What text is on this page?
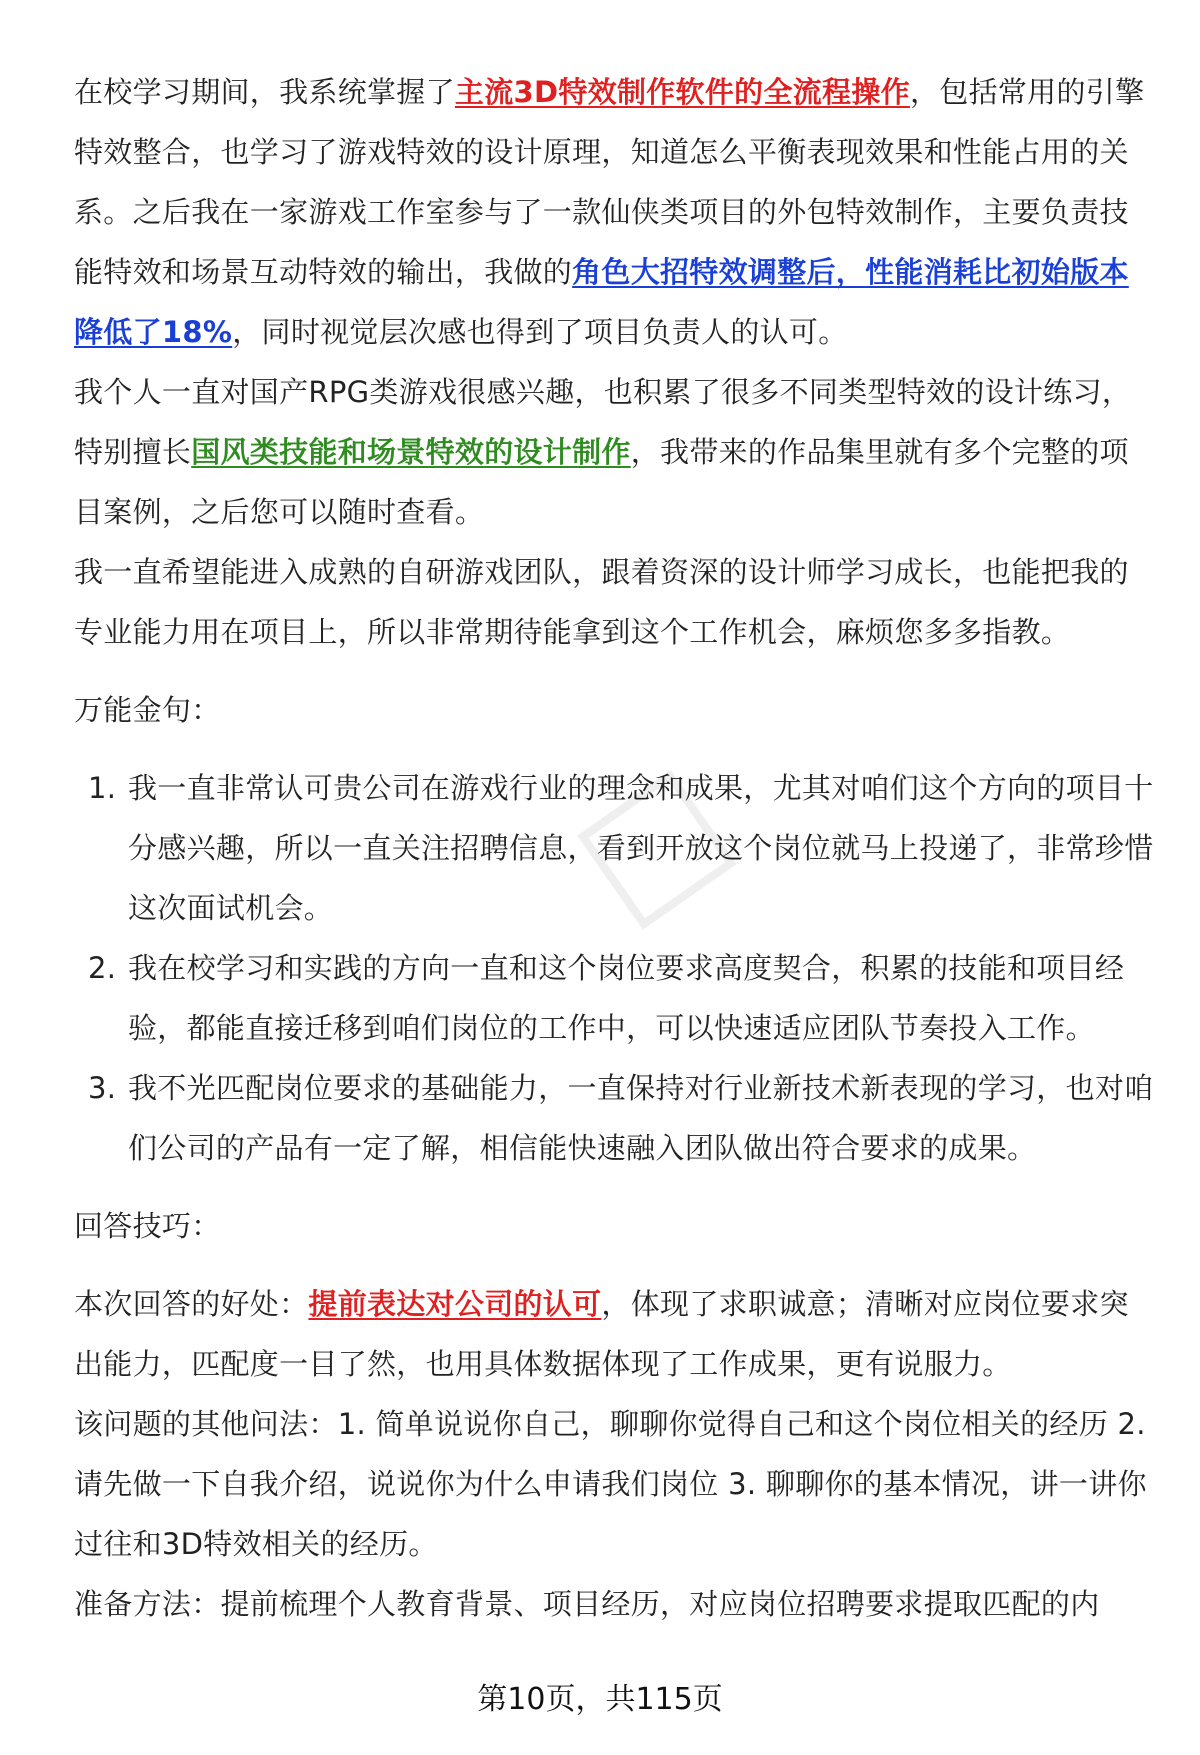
□

在校学习期间，我系统掌握了主流3D特效制作软件的全流程操作，包括常用的引擎特效整合，也学习了游戏特效的设计原理，知道怎么平衡表现效果和性能占用的关系。之后我在一家游戏工作室参与了一款仙侠类项目的外包特效制作，主要负责技能特效和场景互动特效的输出，我做的角色大招特效调整后，性能消耗比初始版本降低了18%，同时视觉层次感也得到了项目负责人的认可。

我个人一直对国产RPG类游戏很感兴趣，也积累了很多不同类型特效的设计练习，特别擅长国风类技能和场景特效的设计制作，我带来的作品集里就有多个完整的项目案例，之后您可以随时查看。

我一直希望能进入成熟的自研游戏团队，跟着资深的设计师学习成长，也能把我的专业能力用在项目上，所以非常期待能拿到这个工作机会，麻烦您多多指教。

万能金句：

1. 我一直非常认可贵公司在游戏行业的理念和成果，尤其对咱们这个方向的项目十分感兴趣，所以一直关注招聘信息，看到开放这个岗位就马上投递了，非常珍惜这次面试机会。
2. 我在校学习和实践的方向一直和这个岗位要求高度契合，积累的技能和项目经验，都能直接迁移到咱们岗位的工作中，可以快速适应团队节奏投入工作。
3. 我不光匹配岗位要求的基础能力，一直保持对行业新技术新表现的学习，也对咱们公司的产品有一定了解，相信能快速融入团队做出符合要求的成果。

回答技巧：

本次回答的好处：提前表达对公司的认可，体现了求职诚意；清晰对应岗位要求突出能力，匹配度一目了然，也用具体数据体现了工作成果，更有说服力。

该问题的其他问法：1. 简单说说你自己，聊聊你觉得自己和这个岗位相关的经历 2. 请先做一下自我介绍，说说你为什么申请我们岗位 3. 聊聊你的基本情况，讲一讲你过往和3D特效相关的经历。

准备方法：提前梳理个人教育背景、项目经历，对应岗位招聘要求提取匹配的内

第10页，共115页
